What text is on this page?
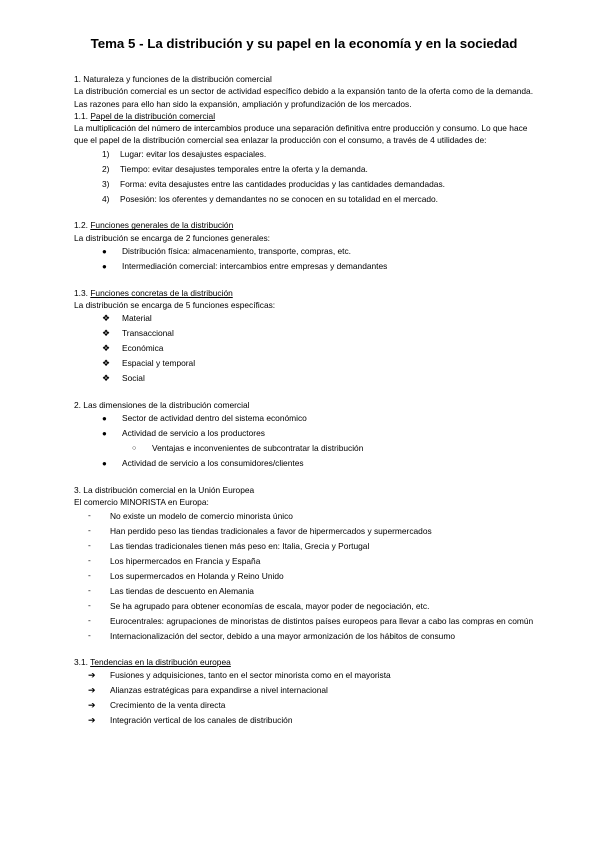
Tema 5 - La distribución y su papel en la economía y en la sociedad

1. Naturaleza y funciones de la distribución comercial

La distribución comercial es un sector de actividad específico debido a la expansión tanto de la oferta como de la demanda. Las razones para ello han sido la expansión, ampliación y profundización de los mercados.

1.1. Papel de la distribución comercial

La multiplicación del número de intercambios produce una separación definitiva entre producción y consumo. Lo que hace que el papel de la distribución comercial sea enlazar la producción con el consumo, a través de 4 utilidades de:

1)	Lugar: evitar los desajustes espaciales.
2)	Tiempo: evitar desajustes temporales entre la oferta y la demanda.
3)	Forma: evita desajustes entre las cantidades producidas y las cantidades demandadas.
4)	Posesión: los oferentes y demandantes no se conocen en su totalidad en el mercado.

1.2. Funciones generales de la distribución

La distribución se encarga de 2 funciones generales:

●	Distribución física: almacenamiento, transporte, compras, etc.
●	Intermediación comercial: intercambios entre empresas y demandantes

1.3. Funciones concretas de la distribución

La distribución se encarga de 5 funciones específicas:

❖	Material
❖	Transaccional
❖	Económica
❖	Espacial y temporal
❖	Social

2. Las dimensiones de la distribución comercial

●	Sector de actividad dentro del sistema económico
●	Actividad de servicio a los productores
○	Ventajas e inconvenientes de subcontratar la distribución
●	Actividad de servicio a los consumidores/clientes

3. La distribución comercial en la Unión Europea

El comercio MINORISTA en Europa:

-	No existe un modelo de comercio minorista único
-	Han perdido peso las tiendas tradicionales a favor de hipermercados y supermercados
-	Las tiendas tradicionales tienen más peso en: Italia, Grecia y Portugal
-	Los hipermercados en Francia y España
-	Los supermercados en Holanda y Reino Unido
-	Las tiendas de descuento en Alemania
-	Se ha agrupado para obtener economías de escala, mayor poder de negociación, etc.
-	Eurocentrales: agrupaciones de minoristas de distintos países europeos para llevar a cabo las compras en común
-	Internacionalización del sector, debido a una mayor armonización de los hábitos de consumo

3.1. Tendencias en la distribución europea

➔	Fusiones y adquisiciones, tanto en el sector minorista como en el mayorista
➔	Alianzas estratégicas para expandirse a nivel internacional
➔	Crecimiento de la venta directa
➔	Integración vertical de los canales de distribución
